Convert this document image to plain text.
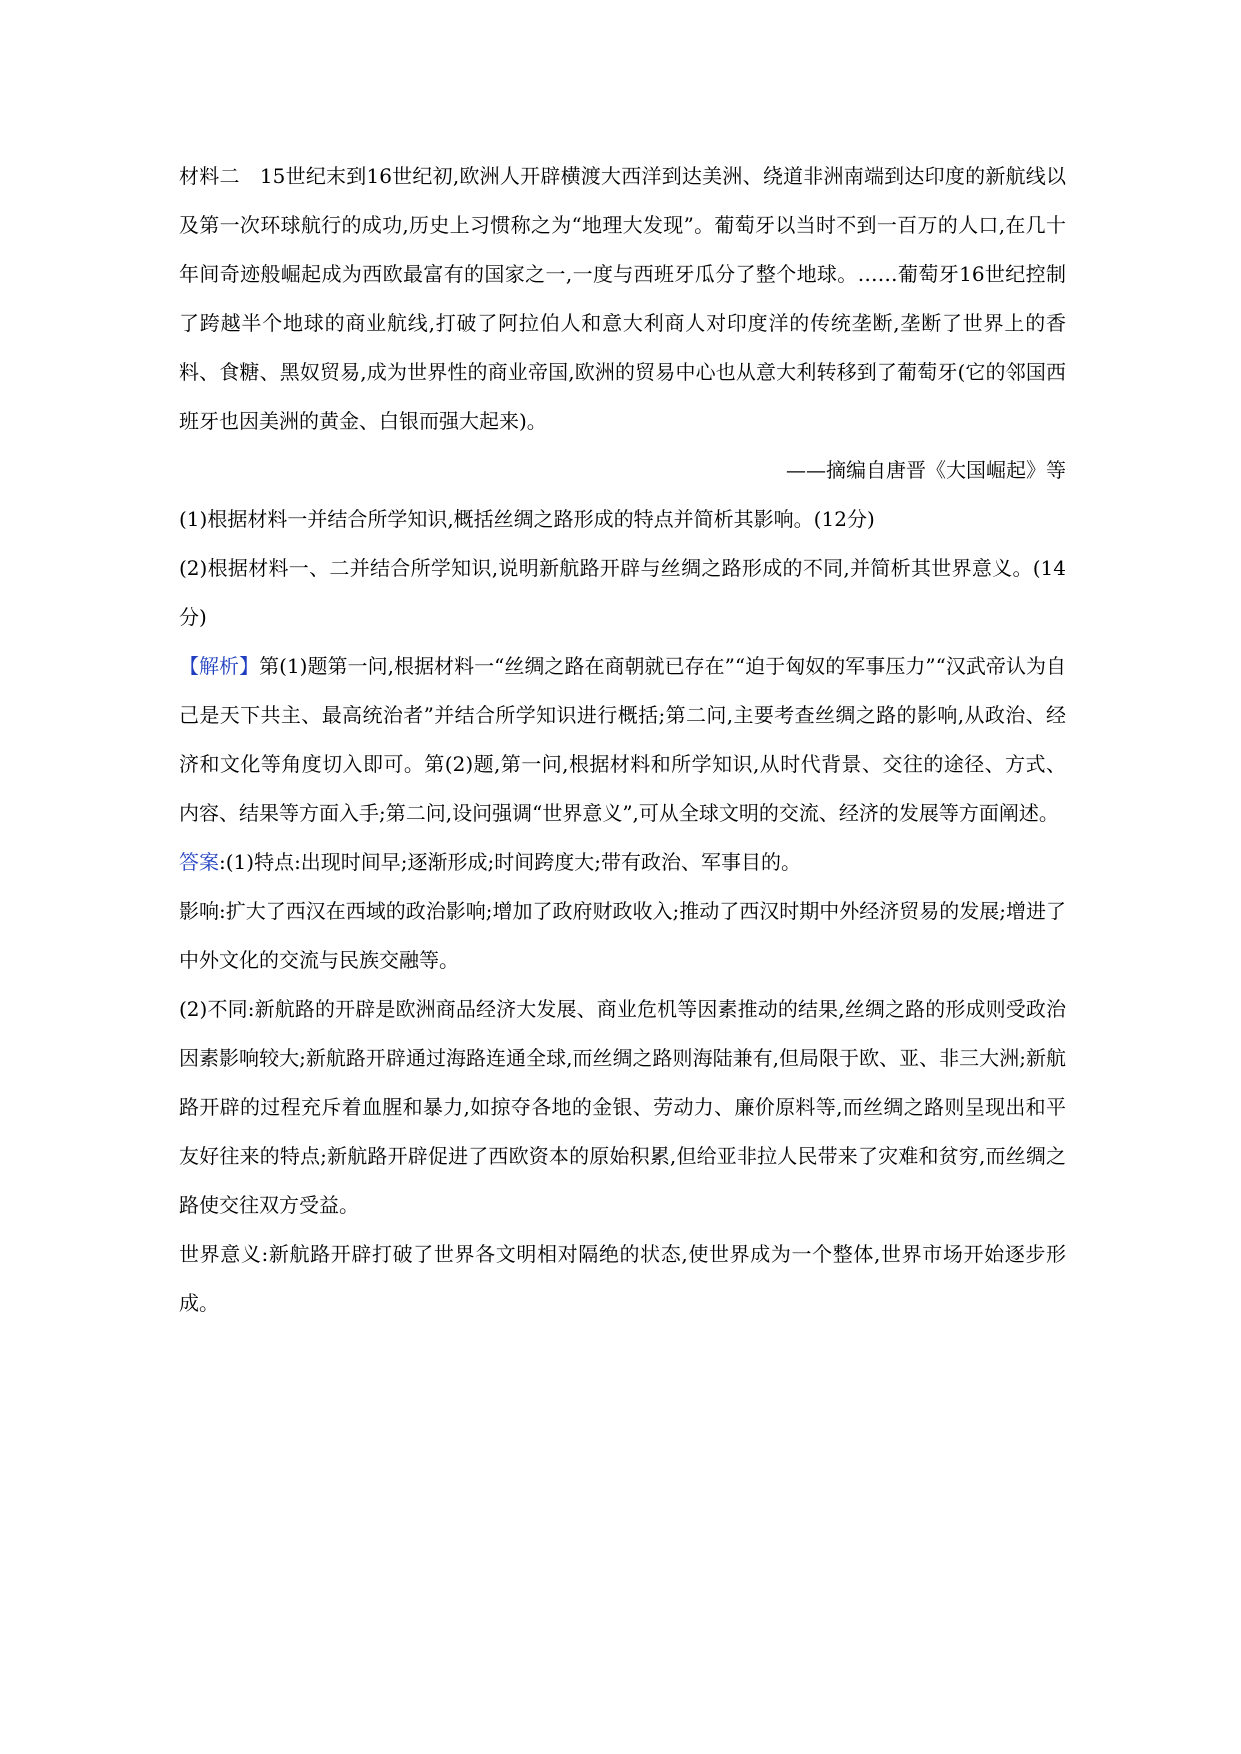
材料二　15世纪末到16世纪初,欧洲人开辟横渡大西洋到达美洲、绕道非洲南端到达印度的新航线以及第一次环球航行的成功,历史上习惯称之为“地理大发现”。葡萄牙以当时不到一百万的人口,在几十年间奇迹般崛起成为西欧最富有的国家之一,一度与西班牙瓜分了整个地球。……葡萄牙16世纪控制了跨越半个地球的商业航线,打破了阿拉伯人和意大利商人对印度洋的传统垄断,垄断了世界上的香料、食糖、黑奴贸易,成为世界性的商业帝国,欧洲的贸易中心也从意大利转移到了葡萄牙(它的邻国西班牙也因美洲的黄金、白银而强大起来)。

——摘编自唐晋《大国崛起》等

(1)根据材料一并结合所学知识,概括丝绸之路形成的特点并简析其影响。(12分)

(2)根据材料一、二并结合所学知识,说明新航路开辟与丝绸之路形成的不同,并简析其世界意义。(14分)

【解析】第(1)题第一问,根据材料一“丝绸之路在商朝就已存在”“迫于匈奴的军事压力”“汉武帝认为自己是天下共主、最高统治者”并结合所学知识进行概括;第二问,主要考查丝绸之路的影响,从政治、经济和文化等角度切入即可。第(2)题,第一问,根据材料和所学知识,从时代背景、交往的途径、方式、内容、结果等方面入手;第二问,设问强调“世界意义”,可从全球文明的交流、经济的发展等方面阐述。

答案:(1)特点:出现时间早;逐渐形成;时间跨度大;带有政治、军事目的。

影响:扩大了西汉在西域的政治影响;增加了政府财政收入;推动了西汉时期中外经济贸易的发展;增进了中外文化的交流与民族交融等。

(2)不同:新航路的开辟是欧洲商品经济大发展、商业危机等因素推动的结果,丝绸之路的形成则受政治因素影响较大;新航路开辟通过海路连通全球,而丝绸之路则海陆兼有,但局限于欧、亚、非三大洲;新航路开辟的过程充斥着血腥和暴力,如掠夺各地的金银、劳动力、廉价原料等,而丝绸之路则呈现出和平友好往来的特点;新航路开辟促进了西欧资本的原始积累,但给亚非拉人民带来了灾难和贫穷,而丝绸之路使交往双方受益。

世界意义:新航路开辟打破了世界各文明相对隔绝的状态,使世界成为一个整体,世界市场开始逐步形成。
